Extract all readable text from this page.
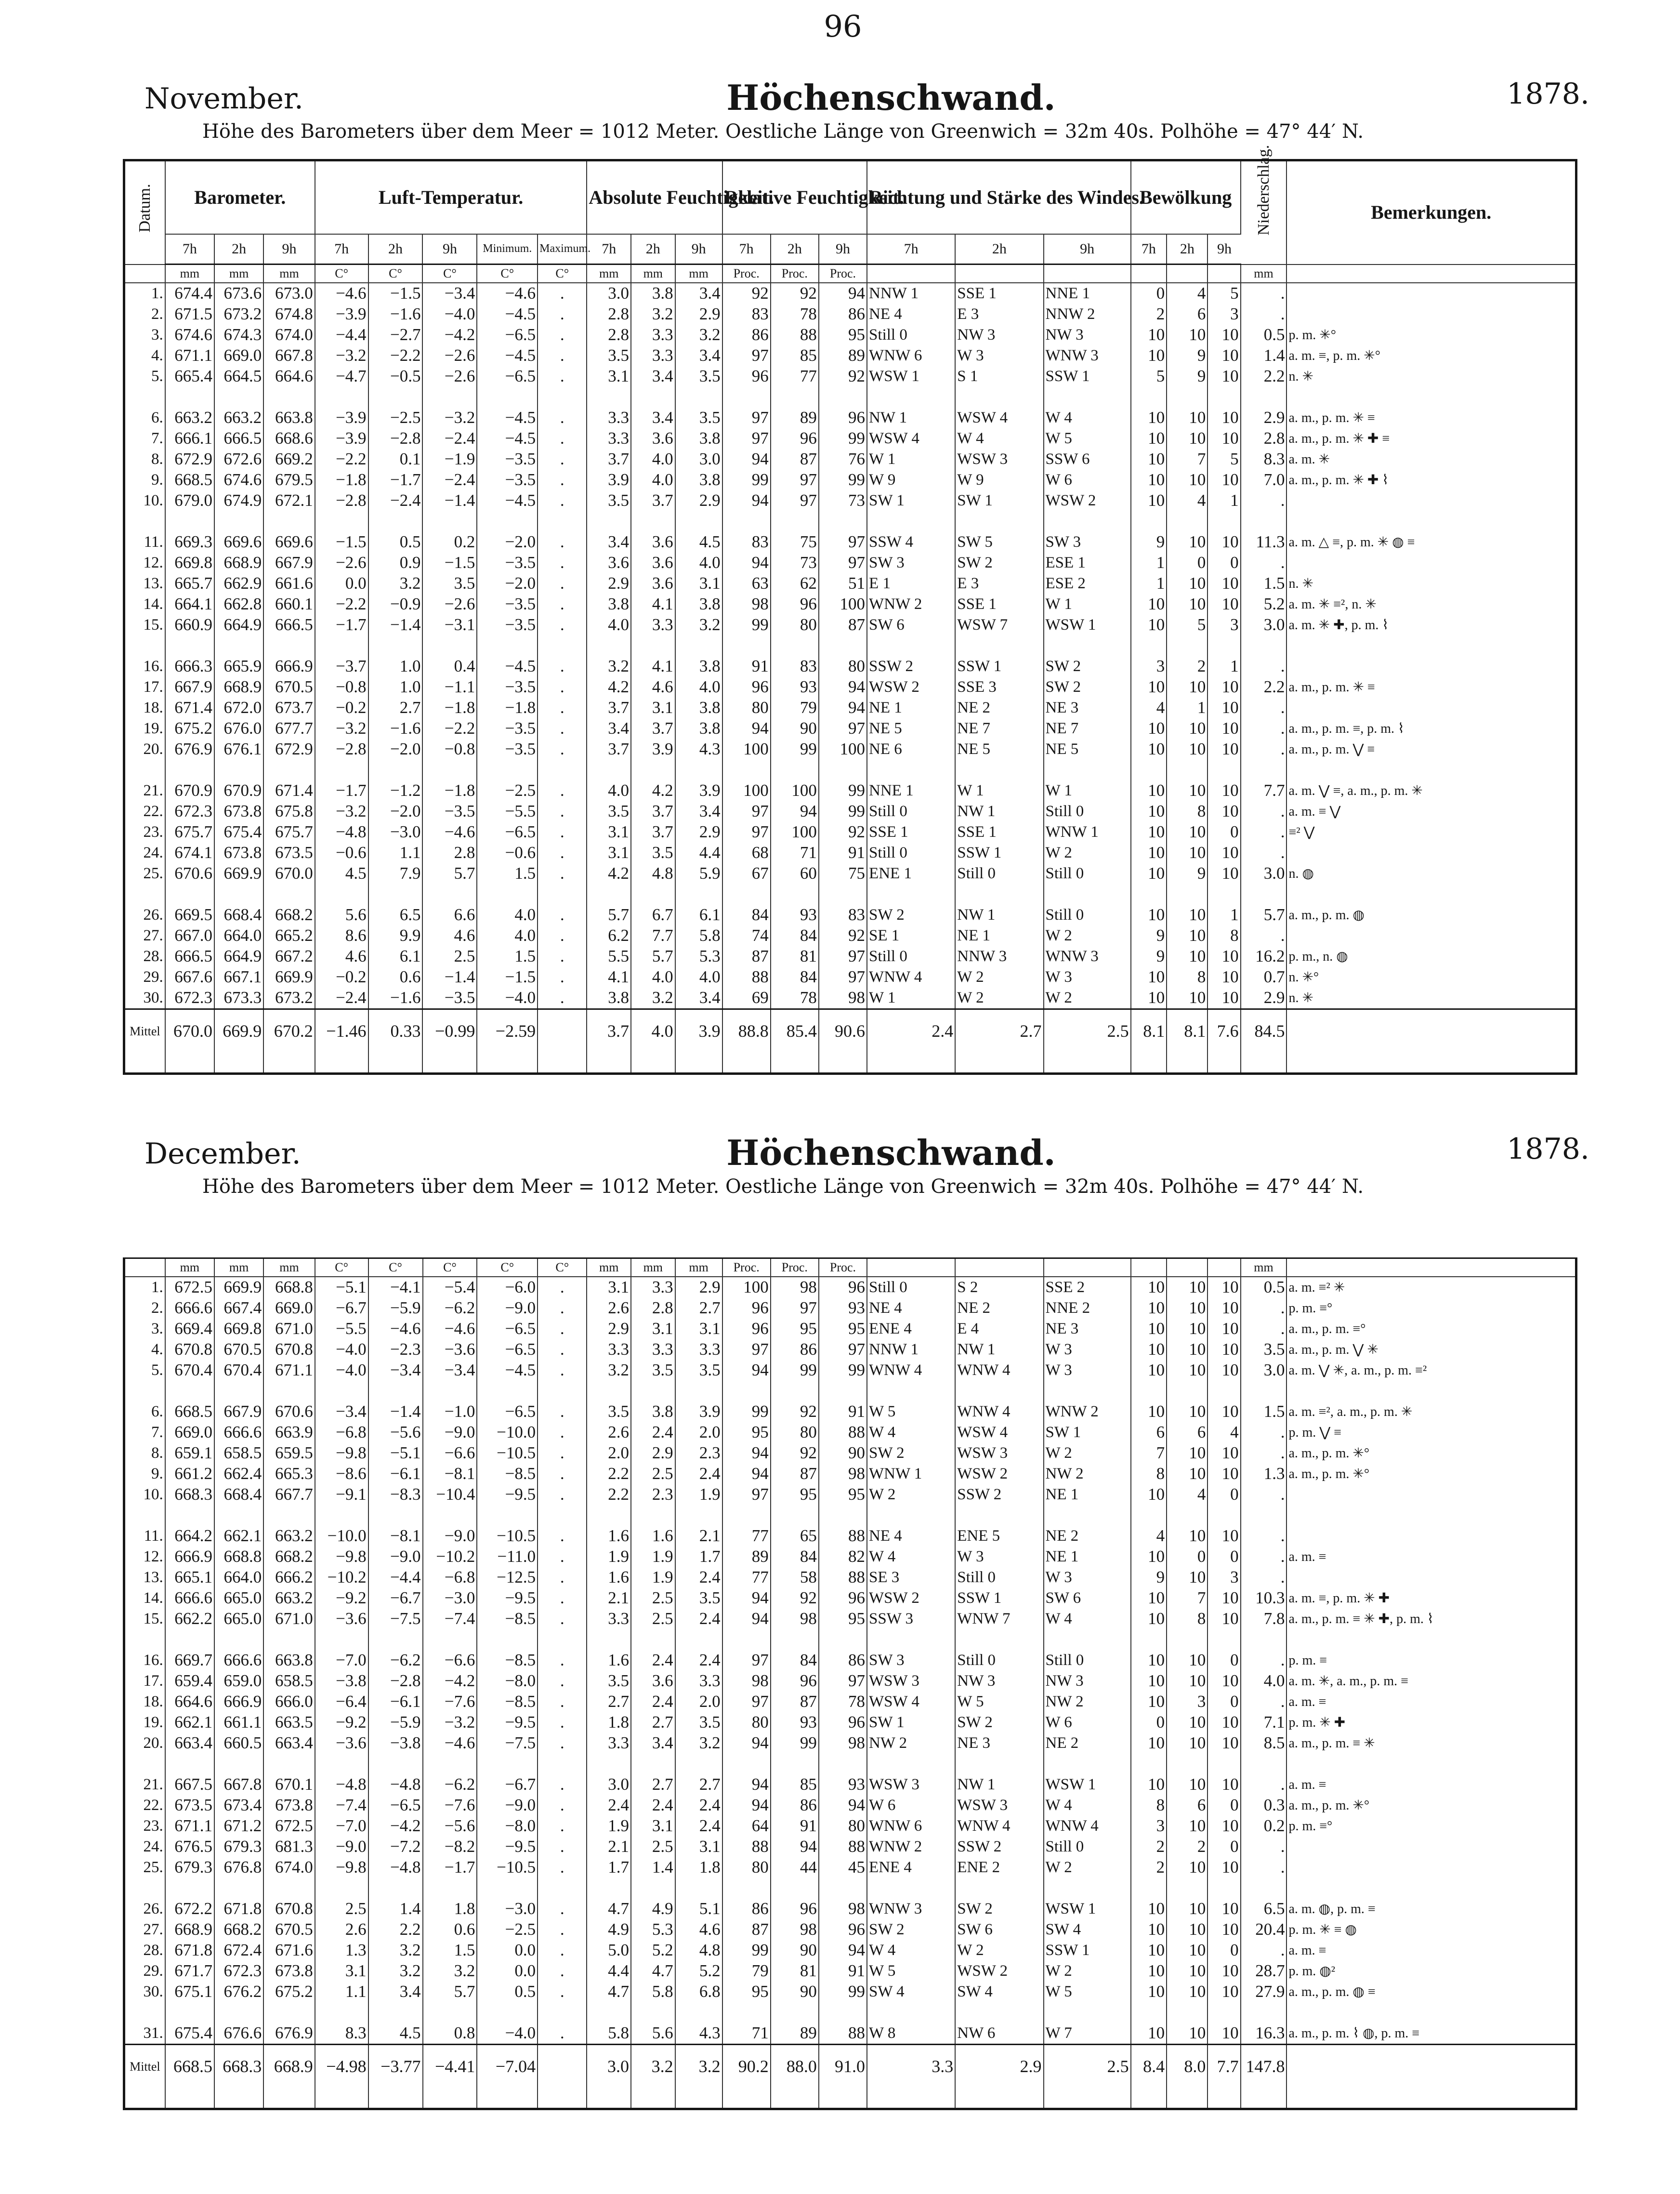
96
November.	Höchenschwand.	1878.
Höhe des Barometers über dem Meer = 1012 Meter. Oestliche Länge von Greenwich = 32m 40s. Polhöhe = 47° 44′ N.
Datum.	Barometer.			Luft-Temperatur.					Absolute Feuchtigkeit.			Relative Feuchtigkeit.			Richtung und Stärke des Windes.			Bewölkung			Niederschlag.	Bemerkungen.
	7h	2h	9h	7h	2h	9h	Minimum.	Maximum.	7h	2h	9h	7h	2h	9h	7h	2h	9h	7h	2h	9h		
	mm	mm	mm	C°	C°	C°	C°	C°	mm	mm	mm	Proc.	Proc.	Proc.							mm	
1.	674.4	673.6	673.0	−4.6	−1.5	−3.4	−4.6	.	3.0	3.8	3.4	92	92	94	NNW 1	SSE 1	NNE 1	0	4	5	.	
2.	671.5	673.2	674.8	−3.9	−1.6	−4.0	−4.5	.	2.8	3.2	2.9	83	78	86	NE 4	E 3	NNW 2	2	6	3	.	
3.	674.6	674.3	674.0	−4.4	−2.7	−4.2	−6.5	.	2.8	3.3	3.2	86	88	95	Still 0	NW 3	NW 3	10	10	10	0.5	p. m. ✳°
4.	671.1	669.0	667.8	−3.2	−2.2	−2.6	−4.5	.	3.5	3.3	3.4	97	85	89	WNW 6	W 3	WNW 3	10	9	10	1.4	a. m. ≡, p. m. ✳°
5.	665.4	664.5	664.6	−4.7	−0.5	−2.6	−6.5	.	3.1	3.4	3.5	96	77	92	WSW 1	S 1	SSW 1	5	9	10	2.2	n. ✳

6.	663.2	663.2	663.8	−3.9	−2.5	−3.2	−4.5	.	3.3	3.4	3.5	97	89	96	NW 1	WSW 4	W 4	10	10	10	2.9	a. m., p. m. ✳ ≡
7.	666.1	666.5	668.6	−3.9	−2.8	−2.4	−4.5	.	3.3	3.6	3.8	97	96	99	WSW 4	W 4	W 5	10	10	10	2.8	a. m., p. m. ✳ ✚ ≡
8.	672.9	672.6	669.2	−2.2	0.1	−1.9	−3.5	.	3.7	4.0	3.0	94	87	76	W 1	WSW 3	SSW 6	10	7	5	8.3	a. m. ✳
9.	668.5	674.6	679.5	−1.8	−1.7	−2.4	−3.5	.	3.9	4.0	3.8	99	97	99	W 9	W 9	W 6	10	10	10	7.0	a. m., p. m. ✳ ✚ ⌇
10.	679.0	674.9	672.1	−2.8	−2.4	−1.4	−4.5	.	3.5	3.7	2.9	94	97	73	SW 1	SW 1	WSW 2	10	4	1	.	

11.	669.3	669.6	669.6	−1.5	0.5	0.2	−2.0	.	3.4	3.6	4.5	83	75	97	SSW 4	SW 5	SW 3	9	10	10	11.3	a. m. △ ≡, p. m. ✳ ◍ ≡
12.	669.8	668.9	667.9	−2.6	0.9	−1.5	−3.5	.	3.6	3.6	4.0	94	73	97	SW 3	SW 2	ESE 1	1	0	0	.	
13.	665.7	662.9	661.6	0.0	3.2	3.5	−2.0	.	2.9	3.6	3.1	63	62	51	E 1	E 3	ESE 2	1	10	10	1.5	n. ✳
14.	664.1	662.8	660.1	−2.2	−0.9	−2.6	−3.5	.	3.8	4.1	3.8	98	96	100	WNW 2	SSE 1	W 1	10	10	10	5.2	a. m. ✳ ≡², n. ✳
15.	660.9	664.9	666.5	−1.7	−1.4	−3.1	−3.5	.	4.0	3.3	3.2	99	80	87	SW 6	WSW 7	WSW 1	10	5	3	3.0	a. m. ✳ ✚, p. m. ⌇

16.	666.3	665.9	666.9	−3.7	1.0	0.4	−4.5	.	3.2	4.1	3.8	91	83	80	SSW 2	SSW 1	SW 2	3	2	1	.	
17.	667.9	668.9	670.5	−0.8	1.0	−1.1	−3.5	.	4.2	4.6	4.0	96	93	94	WSW 2	SSE 3	SW 2	10	10	10	2.2	a. m., p. m. ✳ ≡
18.	671.4	672.0	673.7	−0.2	2.7	−1.8	−1.8	.	3.7	3.1	3.8	80	79	94	NE 1	NE 2	NE 3	4	1	10	.	
19.	675.2	676.0	677.7	−3.2	−1.6	−2.2	−3.5	.	3.4	3.7	3.8	94	90	97	NE 5	NE 7	NE 7	10	10	10	.	a. m., p. m. ≡, p. m. ⌇
20.	676.9	676.1	672.9	−2.8	−2.0	−0.8	−3.5	.	3.7	3.9	4.3	100	99	100	NE 6	NE 5	NE 5	10	10	10	.	a. m., p. m. ⋁ ≡

21.	670.9	670.9	671.4	−1.7	−1.2	−1.8	−2.5	.	4.0	4.2	3.9	100	100	99	NNE 1	W 1	W 1	10	10	10	7.7	a. m. ⋁ ≡, a. m., p. m. ✳
22.	672.3	673.8	675.8	−3.2	−2.0	−3.5	−5.5	.	3.5	3.7	3.4	97	94	99	Still 0	NW 1	Still 0	10	8	10	.	a. m. ≡ ⋁
23.	675.7	675.4	675.7	−4.8	−3.0	−4.6	−6.5	.	3.1	3.7	2.9	97	100	92	SSE 1	SSE 1	WNW 1	10	10	0	.	≡² ⋁
24.	674.1	673.8	673.5	−0.6	1.1	2.8	−0.6	.	3.1	3.5	4.4	68	71	91	Still 0	SSW 1	W 2	10	10	10	.	
25.	670.6	669.9	670.0	4.5	7.9	5.7	1.5	.	4.2	4.8	5.9	67	60	75	ENE 1	Still 0	Still 0	10	9	10	3.0	n. ◍

26.	669.5	668.4	668.2	5.6	6.5	6.6	4.0	.	5.7	6.7	6.1	84	93	83	SW 2	NW 1	Still 0	10	10	1	5.7	a. m., p. m. ◍
27.	667.0	664.0	665.2	8.6	9.9	4.6	4.0	.	6.2	7.7	5.8	74	84	92	SE 1	NE 1	W 2	9	10	8	.	
28.	666.5	664.9	667.2	4.6	6.1	2.5	1.5	.	5.5	5.7	5.3	87	81	97	Still 0	NNW 3	WNW 3	9	10	10	16.2	p. m., n. ◍
29.	667.6	667.1	669.9	−0.2	0.6	−1.4	−1.5	.	4.1	4.0	4.0	88	84	97	WNW 4	W 2	W 3	10	8	10	0.7	n. ✳°
30.	672.3	673.3	673.2	−2.4	−1.6	−3.5	−4.0	.	3.8	3.2	3.4	69	78	98	W 1	W 2	W 2	10	10	10	2.9	n. ✳
Mittel	670.0	669.9	670.2	−1.46	0.33	−0.99	−2.59		3.7	4.0	3.9	88.8	85.4	90.6	2.4	2.7	2.5	8.1	8.1	7.6	84.5	

December.	Höchenschwand.	1878.
Höhe des Barometers über dem Meer = 1012 Meter. Oestliche Länge von Greenwich = 32m 40s. Polhöhe = 47° 44′ N.
	mm	mm	mm	C°	C°	C°	C°	C°	mm	mm	mm	Proc.	Proc.	Proc.							mm	
1.	672.5	669.9	668.8	−5.1	−4.1	−5.4	−6.0	.	3.1	3.3	2.9	100	98	96	Still 0	S 2	SSE 2	10	10	10	0.5	a. m. ≡² ✳
2.	666.6	667.4	669.0	−6.7	−5.9	−6.2	−9.0	.	2.6	2.8	2.7	96	97	93	NE 4	NE 2	NNE 2	10	10	10	.	p. m. ≡°
3.	669.4	669.8	671.0	−5.5	−4.6	−4.6	−6.5	.	2.9	3.1	3.1	96	95	95	ENE 4	E 4	NE 3	10	10	10	.	a. m., p. m. ≡°
4.	670.8	670.5	670.8	−4.0	−2.3	−3.6	−6.5	.	3.3	3.3	3.3	97	86	97	NNW 1	NW 1	W 3	10	10	10	3.5	a. m., p. m. ⋁ ✳
5.	670.4	670.4	671.1	−4.0	−3.4	−3.4	−4.5	.	3.2	3.5	3.5	94	99	99	WNW 4	WNW 4	W 3	10	10	10	3.0	a. m. ⋁ ✳, a. m., p. m. ≡²

6.	668.5	667.9	670.6	−3.4	−1.4	−1.0	−6.5	.	3.5	3.8	3.9	99	92	91	W 5	WNW 4	WNW 2	10	10	10	1.5	a. m. ≡², a. m., p. m. ✳
7.	669.0	666.6	663.9	−6.8	−5.6	−9.0	−10.0	.	2.6	2.4	2.0	95	80	88	W 4	WSW 4	SW 1	6	6	4	.	p. m. ⋁ ≡
8.	659.1	658.5	659.5	−9.8	−5.1	−6.6	−10.5	.	2.0	2.9	2.3	94	92	90	SW 2	WSW 3	W 2	7	10	10	.	a. m., p. m. ✳°
9.	661.2	662.4	665.3	−8.6	−6.1	−8.1	−8.5	.	2.2	2.5	2.4	94	87	98	WNW 1	WSW 2	NW 2	8	10	10	1.3	a. m., p. m. ✳°
10.	668.3	668.4	667.7	−9.1	−8.3	−10.4	−9.5	.	2.2	2.3	1.9	97	95	95	W 2	SSW 2	NE 1	10	4	0	.	

11.	664.2	662.1	663.2	−10.0	−8.1	−9.0	−10.5	.	1.6	1.6	2.1	77	65	88	NE 4	ENE 5	NE 2	4	10	10	.	
12.	666.9	668.8	668.2	−9.8	−9.0	−10.2	−11.0	.	1.9	1.9	1.7	89	84	82	W 4	W 3	NE 1	10	0	0	.	a. m. ≡
13.	665.1	664.0	666.2	−10.2	−4.4	−6.8	−12.5	.	1.6	1.9	2.4	77	58	88	SE 3	Still 0	W 3	9	10	3	.	
14.	666.6	665.0	663.2	−9.2	−6.7	−3.0	−9.5	.	2.1	2.5	3.5	94	92	96	WSW 2	SSW 1	SW 6	10	7	10	10.3	a. m. ≡, p. m. ✳ ✚
15.	662.2	665.0	671.0	−3.6	−7.5	−7.4	−8.5	.	3.3	2.5	2.4	94	98	95	SSW 3	WNW 7	W 4	10	8	10	7.8	a. m., p. m. ≡ ✳ ✚, p. m. ⌇

16.	669.7	666.6	663.8	−7.0	−6.2	−6.6	−8.5	.	1.6	2.4	2.4	97	84	86	SW 3	Still 0	Still 0	10	10	0	.	p. m. ≡
17.	659.4	659.0	658.5	−3.8	−2.8	−4.2	−8.0	.	3.5	3.6	3.3	98	96	97	WSW 3	NW 3	NW 3	10	10	10	4.0	a. m. ✳, a. m., p. m. ≡
18.	664.6	666.9	666.0	−6.4	−6.1	−7.6	−8.5	.	2.7	2.4	2.0	97	87	78	WSW 4	W 5	NW 2	10	3	0	.	a. m. ≡
19.	662.1	661.1	663.5	−9.2	−5.9	−3.2	−9.5	.	1.8	2.7	3.5	80	93	96	SW 1	SW 2	W 6	0	10	10	7.1	p. m. ✳ ✚
20.	663.4	660.5	663.4	−3.6	−3.8	−4.6	−7.5	.	3.3	3.4	3.2	94	99	98	NW 2	NE 3	NE 2	10	10	10	8.5	a. m., p. m. ≡ ✳

21.	667.5	667.8	670.1	−4.8	−4.8	−6.2	−6.7	.	3.0	2.7	2.7	94	85	93	WSW 3	NW 1	WSW 1	10	10	10	.	a. m. ≡
22.	673.5	673.4	673.8	−7.4	−6.5	−7.6	−9.0	.	2.4	2.4	2.4	94	86	94	W 6	WSW 3	W 4	8	6	0	0.3	a. m., p. m. ✳°
23.	671.1	671.2	672.5	−7.0	−4.2	−5.6	−8.0	.	1.9	3.1	2.4	64	91	80	WNW 6	WNW 4	WNW 4	3	10	10	0.2	p. m. ≡°
24.	676.5	679.3	681.3	−9.0	−7.2	−8.2	−9.5	.	2.1	2.5	3.1	88	94	88	WNW 2	SSW 2	Still 0	2	2	0	.	
25.	679.3	676.8	674.0	−9.8	−4.8	−1.7	−10.5	.	1.7	1.4	1.8	80	44	45	ENE 4	ENE 2	W 2	2	10	10	.	

26.	672.2	671.8	670.8	2.5	1.4	1.8	−3.0	.	4.7	4.9	5.1	86	96	98	WNW 3	SW 2	WSW 1	10	10	10	6.5	a. m. ◍, p. m. ≡
27.	668.9	668.2	670.5	2.6	2.2	0.6	−2.5	.	4.9	5.3	4.6	87	98	96	SW 2	SW 6	SW 4	10	10	10	20.4	p. m. ✳ ≡ ◍
28.	671.8	672.4	671.6	1.3	3.2	1.5	0.0	.	5.0	5.2	4.8	99	90	94	W 4	W 2	SSW 1	10	10	0	.	a. m. ≡
29.	671.7	672.3	673.8	3.1	3.2	3.2	0.0	.	4.4	4.7	5.2	79	81	91	W 5	WSW 2	W 2	10	10	10	28.7	p. m. ◍²
30.	675.1	676.2	675.2	1.1	3.4	5.7	0.5	.	4.7	5.8	6.8	95	90	99	SW 4	SW 4	W 5	10	10	10	27.9	a. m., p. m. ◍ ≡

31.	675.4	676.6	676.9	8.3	4.5	0.8	−4.0	.	5.8	5.6	4.3	71	89	88	W 8	NW 6	W 7	10	10	10	16.3	a. m., p. m. ⌇ ◍, p. m. ≡
Mittel	668.5	668.3	668.9	−4.98	−3.77	−4.41	−7.04		3.0	3.2	3.2	90.2	88.0	91.0	3.3	2.9	2.5	8.4	8.0	7.7	147.8	
